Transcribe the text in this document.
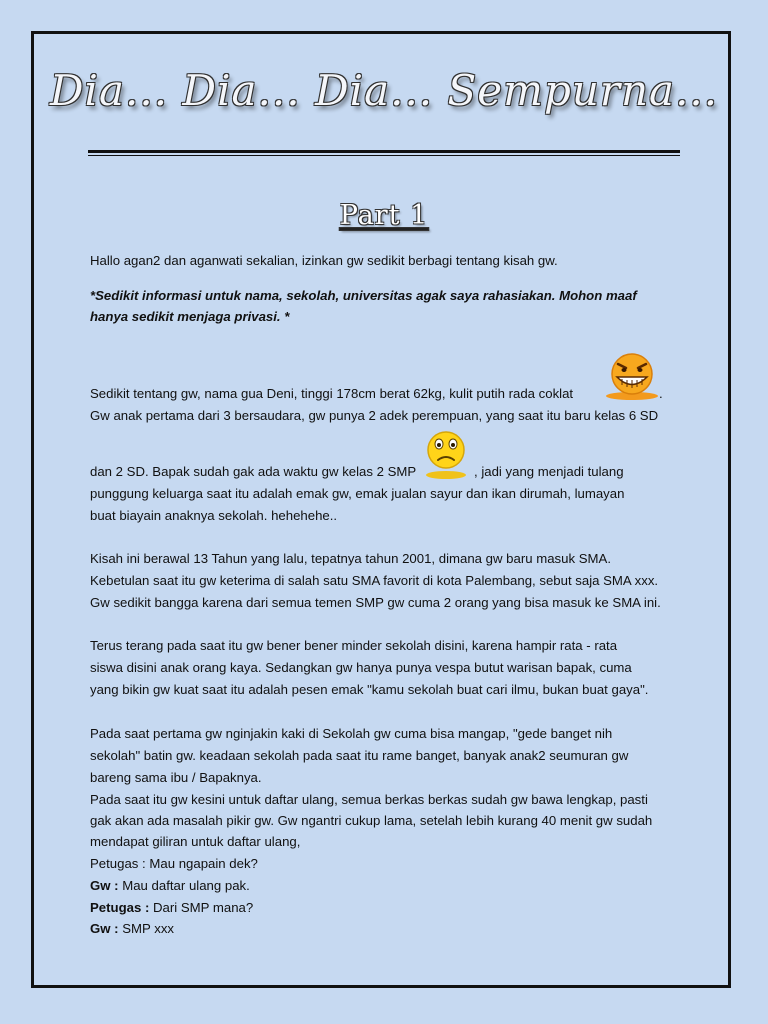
Dia... Dia... Dia... Sempurna...
Part 1
Hallo agan2 dan aganwati sekalian, izinkan gw sedikit berbagi tentang kisah gw.
*Sedikit informasi untuk nama, sekolah, universitas agak saya rahasiakan. Mohon maaf
hanya sedikit menjaga privasi. *
Sedikit tentang gw, nama gua Deni, tinggi 178cm berat 62kg, kulit putih rada coklat	.
Gw anak pertama dari 3 bersaudara, gw punya 2 adek perempuan, yang saat itu baru kelas 6 SD
dan 2 SD. Bapak sudah gak ada waktu gw kelas 2 SMP	, jadi yang menjadi tulang
punggung keluarga saat itu adalah emak gw, emak jualan sayur dan ikan dirumah, lumayan
buat biayain anaknya sekolah. hehehehe..
Kisah ini berawal 13 Tahun yang lalu, tepatnya tahun 2001, dimana gw baru masuk SMA.
Kebetulan saat itu gw keterima di salah satu SMA favorit di kota Palembang, sebut saja SMA xxx.
Gw sedikit bangga karena dari semua temen SMP gw cuma 2 orang yang bisa masuk ke SMA ini.
Terus terang pada saat itu gw bener bener minder sekolah disini, karena hampir rata - rata
siswa disini anak orang kaya. Sedangkan gw hanya punya vespa butut warisan bapak, cuma
yang bikin gw kuat saat itu adalah pesen emak "kamu sekolah buat cari ilmu, bukan buat gaya".
Pada saat pertama gw nginjakin kaki di Sekolah gw cuma bisa mangap, "gede banget nih
sekolah" batin gw. keadaan sekolah pada saat itu rame banget, banyak anak2 seumuran gw
bareng sama ibu / Bapaknya.
Pada saat itu gw kesini untuk daftar ulang, semua berkas berkas sudah gw bawa lengkap, pasti
gak akan ada masalah pikir gw. Gw ngantri cukup lama, setelah lebih kurang 40 menit gw sudah
mendapat giliran untuk daftar ulang,
Petugas : Mau ngapain dek?
Gw : Mau daftar ulang pak.
Petugas : Dari SMP mana?
Gw : SMP xxx
